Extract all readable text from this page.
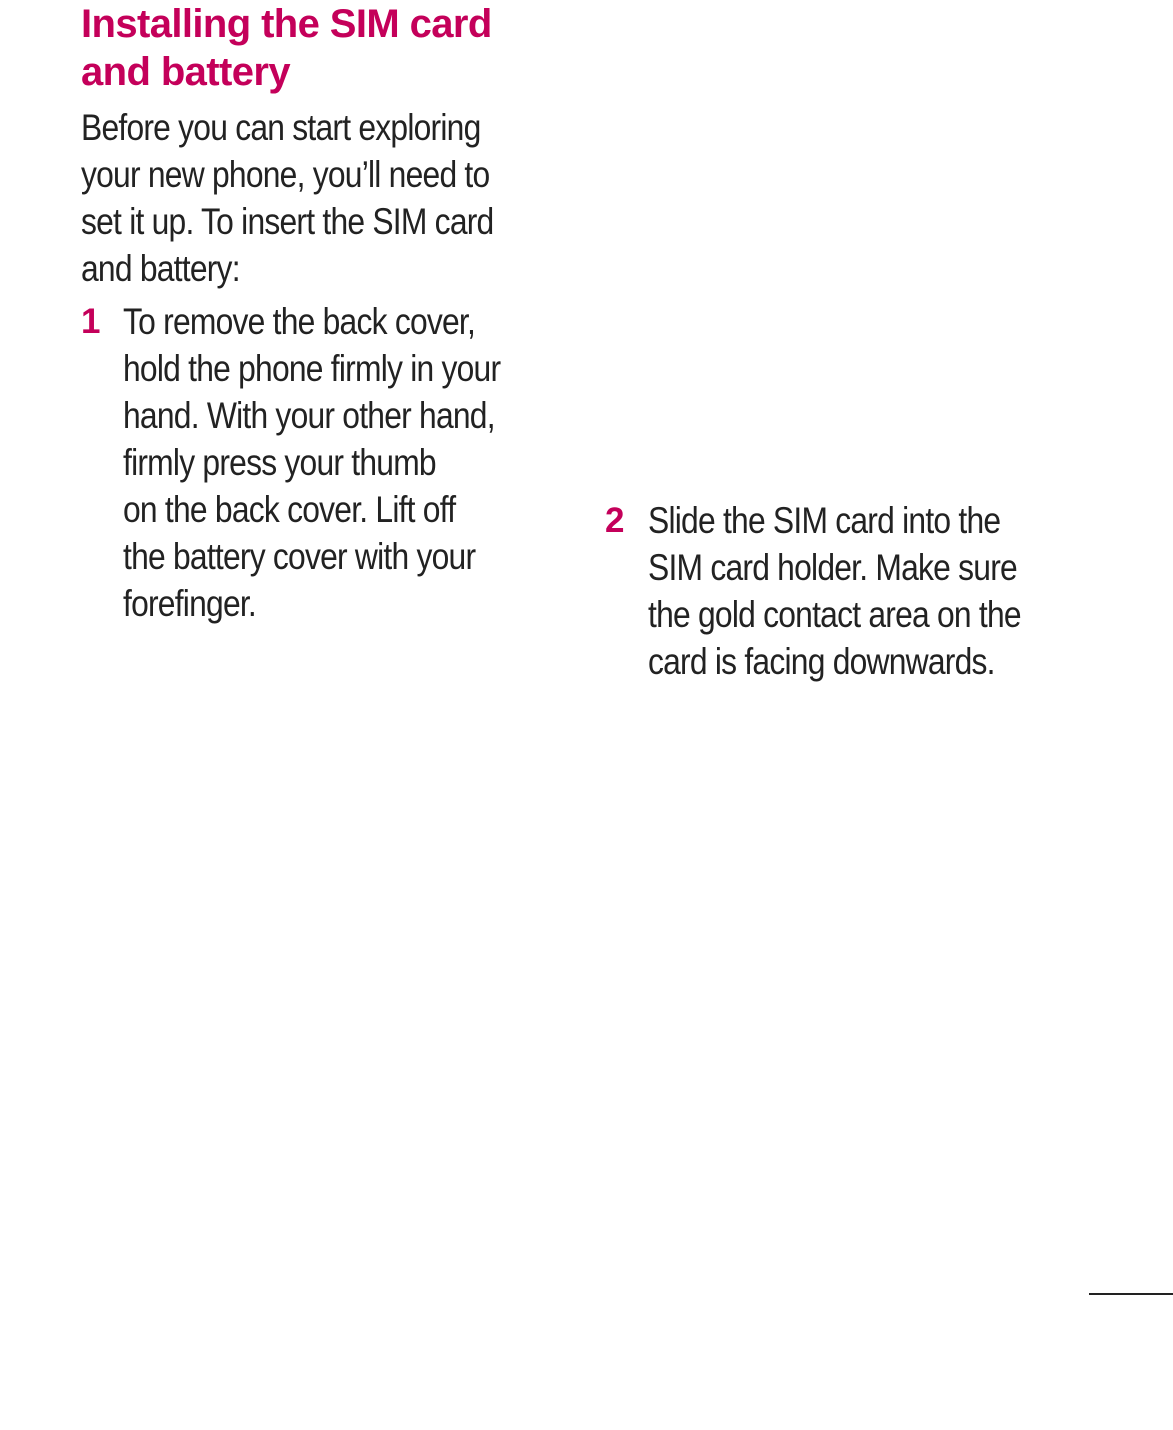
Installing the SIM card
and battery

Before you can start exploring
your new phone, you’ll need to
set it up. To insert the SIM card
and battery:

1 To remove the back cover,
hold the phone firmly in your
hand. With your other hand,
firmly press your thumb
on the back cover. Lift off
the battery cover with your
forefinger.

2 Slide the SIM card into the
SIM card holder. Make sure
the gold contact area on the
card is facing downwards.
